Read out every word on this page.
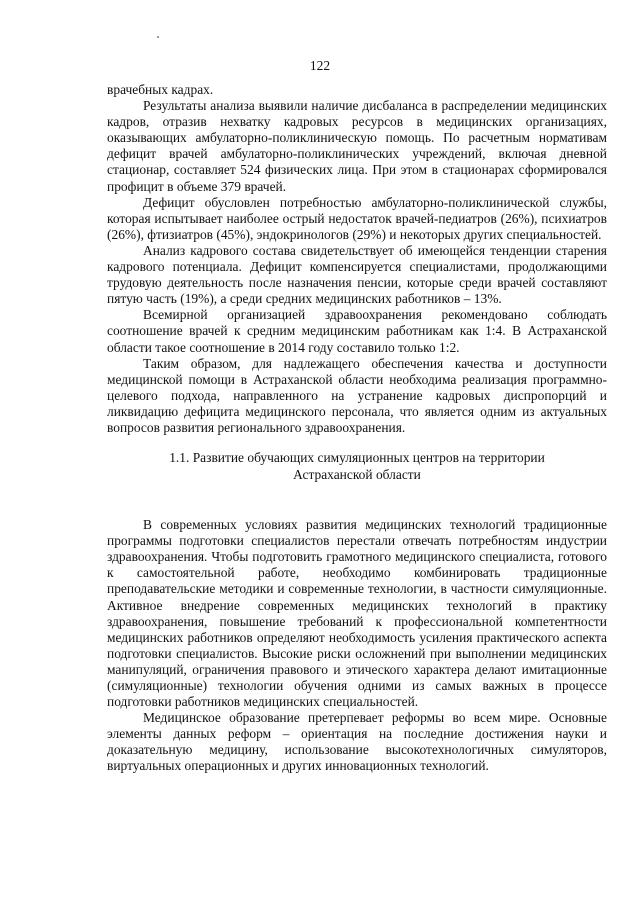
122

врачебных кадрах.

Результаты анализа выявили наличие дисбаланса в распределении медицинских кадров, отразив нехватку кадровых ресурсов в медицинских организациях, оказывающих амбулаторно-поликлиническую помощь. По расчетным нормативам дефицит врачей амбулаторно-поликлинических учреждений, включая дневной стационар, составляет 524 физических лица. При этом в стационарах сформировался профицит в объеме 379 врачей.

Дефицит обусловлен потребностью амбулаторно-поликлинической службы, которая испытывает наиболее острый недостаток врачей-педиатров (26%), психиатров (26%), фтизиатров (45%), эндокринологов (29%) и некоторых других специальностей.

Анализ кадрового состава свидетельствует об имеющейся тенденции старения кадрового потенциала. Дефицит компенсируется специалистами, продолжающими трудовую деятельность после назначения пенсии, которые среди врачей составляют пятую часть (19%), а среди средних медицинских работников – 13%.

Всемирной организацией здравоохранения рекомендовано соблюдать соотношение врачей к средним медицинским работникам как 1:4. В Астраханской области такое соотношение в 2014 году составило только 1:2.

Таким образом, для надлежащего обеспечения качества и доступности медицинской помощи в Астраханской области необходима реализация программно-целевого подхода, направленного на устранение кадровых диспропорций и ликвидацию дефицита медицинского персонала, что является одним из актуальных вопросов развития регионального здравоохранения.

1.1. Развитие обучающих симуляционных центров на территории
Астраханской области

В современных условиях развития медицинских технологий традиционные программы подготовки специалистов перестали отвечать потребностям индустрии здравоохранения. Чтобы подготовить грамотного медицинского специалиста, готового к самостоятельной работе, необходимо комбинировать традиционные преподавательские методики и современные технологии, в частности симуляционные. Активное внедрение современных медицинских технологий в практику здравоохранения, повышение требований к профессиональной компетентности медицинских работников определяют необходимость усиления практического аспекта подготовки специалистов. Высокие риски осложнений при выполнении медицинских манипуляций, ограничения правового и этического характера делают имитационные (симуляционные) технологии обучения одними из самых важных в процессе подготовки работников медицинских специальностей.

Медицинское образование претерпевает реформы во всем мире. Основные элементы данных реформ – ориентация на последние достижения науки и доказательную медицину, использование высокотехнологичных симуляторов, виртуальных операционных и других инновационных технологий.
